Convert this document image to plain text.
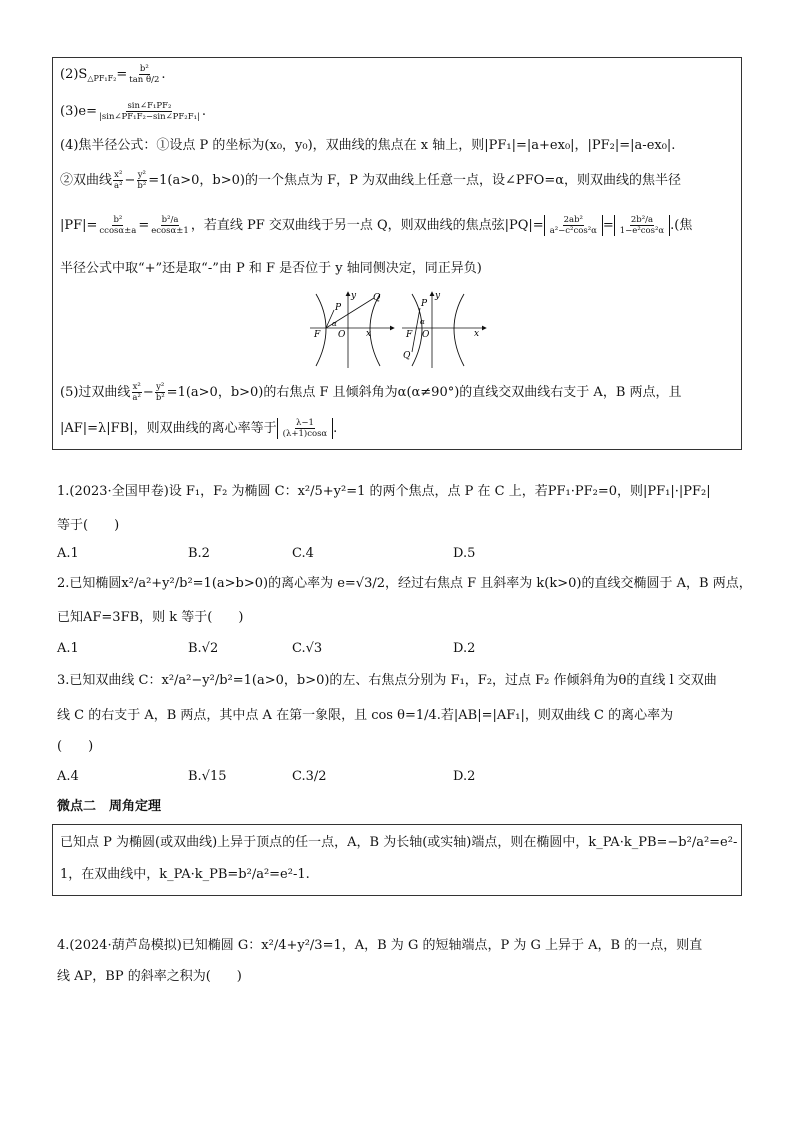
$(2)S_{\triangle PF_1F_2}= \frac{\text{b²}}{\text{tan θ/2}}$ .
$(3)e= \frac{\text{sin∠F₁PF₂}}{\text{|sin∠PF₁F₂−sin∠PF₂F₁|}}$ .
(4)焦半径公式：①设点 P 的坐标为(x₀，y₀)，双曲线的焦点在 x 轴上，则|PF₁|=|a+ex₀|，|PF₂|=|a-ex₀|.
②双曲线 $\frac{\text{x²}}{\text{a²}} - \frac{\text{y²}}{\text{b²}} =1(a>0$，b>0)的一个焦点为 F，P 为双曲线上任意一点，设∠PFO=α，则双曲线的焦半径
$|PF|= \frac{\text{b²}}{ccos\alpha\pm a} = \frac{\text{b²/a}}{ecos\alpha\pm 1}$ ，若直线 PF 交双曲线于另一点 Q，则双曲线的焦点弦$|PQ|= \frac{\text{2ab²}}{\text{a²−c²cos²α}} = \frac{\text{2b²/a}}{\text{1−e²cos²α}}$ .(焦
半径公式中取“+”还是取“-”由 P 和 F 是否位于 y 轴同侧决定，同正异负)
P
Q
F O x
y
α
P
Q
F O	x
y
α
(5)过双曲线 $\frac{\text{x²}}{\text{a²}} - \frac{\text{y²}}{\text{b²}} =1(a>0$，b>0)的右焦点 F 且倾斜角为α(α≠90°)的直线交双曲线右支于 A，B 两点，且
|AF|=λ|FB|，则双曲线的离心率等于 $\frac{\lambda-1}{(\lambda+1)\cos\alpha}$ .
1.(2023·全国甲卷)设 F₁，F₂ 为椭圆 C：x²/5+y²=1 的两个焦点，点 P 在 C 上，若PF₁·PF₂=0，则|PF₁|·|PF₂|
等于(　　)
A.1	B.2	C.4	D.5
2.已知椭圆x²/a²+y²/b²=1(a>b>0)的离心率为 e=√3/2，经过右焦点 F 且斜率为 k(k>0)的直线交椭圆于 A，B 两点，
已知AF=3FB，则 k 等于(　　)
A.1	B.√2	C.√3	D.2
3.已知双曲线 C：x²/a²−y²/b²=1(a>0，b>0)的左、右焦点分别为 F₁，F₂，过点 F₂ 作倾斜角为θ的直线 l 交双曲
线 C 的右支于 A，B 两点，其中点 A 在第一象限，且 cos θ=1/4.若|AB|=|AF₁|，则双曲线 C 的离心率为
(　　)
A.4	B.√15	C.3/2	D.2
微点二　周角定理
已知点 P 为椭圆(或双曲线)上异于顶点的任一点，A，B 为长轴(或实轴)端点，则在椭圆中，k_PA·k_PB=−b²/a²=e²-
1，在双曲线中，k_PA·k_PB=b²/a²=e²-1.
4.(2024·葫芦岛模拟)已知椭圆 G：x²/4+y²/3=1，A，B 为 G 的短轴端点，P 为 G 上异于 A，B 的一点，则直
线 AP，BP 的斜率之积为(　　)
